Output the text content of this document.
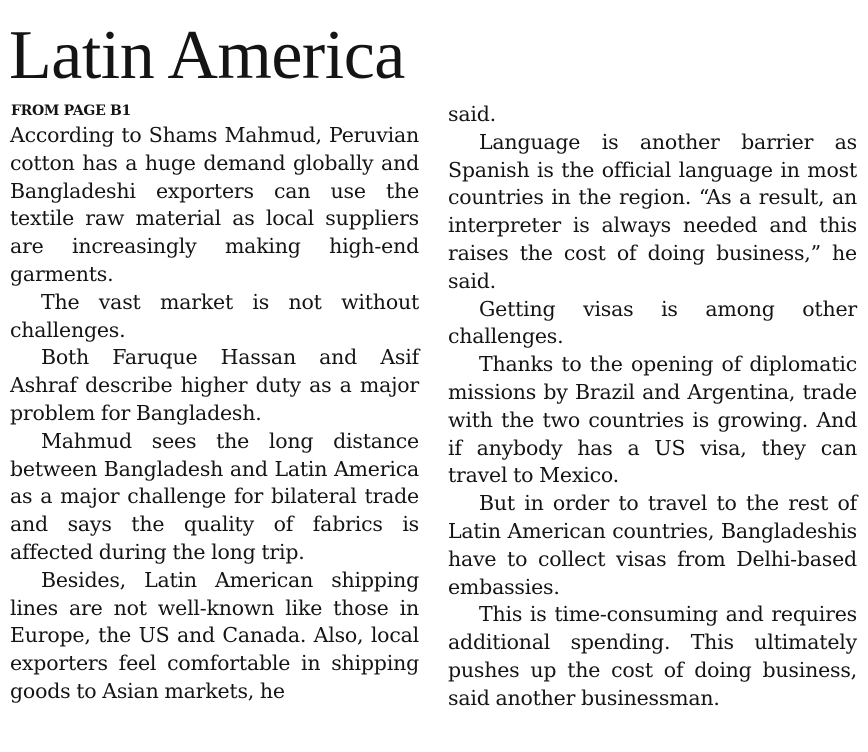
Latin America
FROM PAGE B1

According to Shams Mahmud, Peruvian cotton has a huge demand globally and Bangladeshi exporters can use the textile raw material as local suppliers are increasingly making high-end garments.

The vast market is not without challenges.

Both Faruque Hassan and Asif Ashraf describe higher duty as a major problem for Bangladesh.

Mahmud sees the long distance between Bangladesh and Latin America as a major challenge for bilateral trade and says the quality of fabrics is affected during the long trip.

Besides, Latin American shipping lines are not well-known like those in Europe, the US and Canada. Also, local exporters feel comfortable in shipping goods to Asian markets, he

said.

Language is another barrier as Spanish is the official language in most countries in the region. “As a result, an interpreter is always needed and this raises the cost of doing business,” he said.

Getting visas is among other challenges.

Thanks to the opening of diplomatic missions by Brazil and Argentina, trade with the two countries is growing. And if anybody has a US visa, they can travel to Mexico.

But in order to travel to the rest of Latin American countries, Bangladeshis have to collect visas from Delhi-based embassies.

This is time-consuming and requires additional spending. This ultimately pushes up the cost of doing business, said another businessman.
